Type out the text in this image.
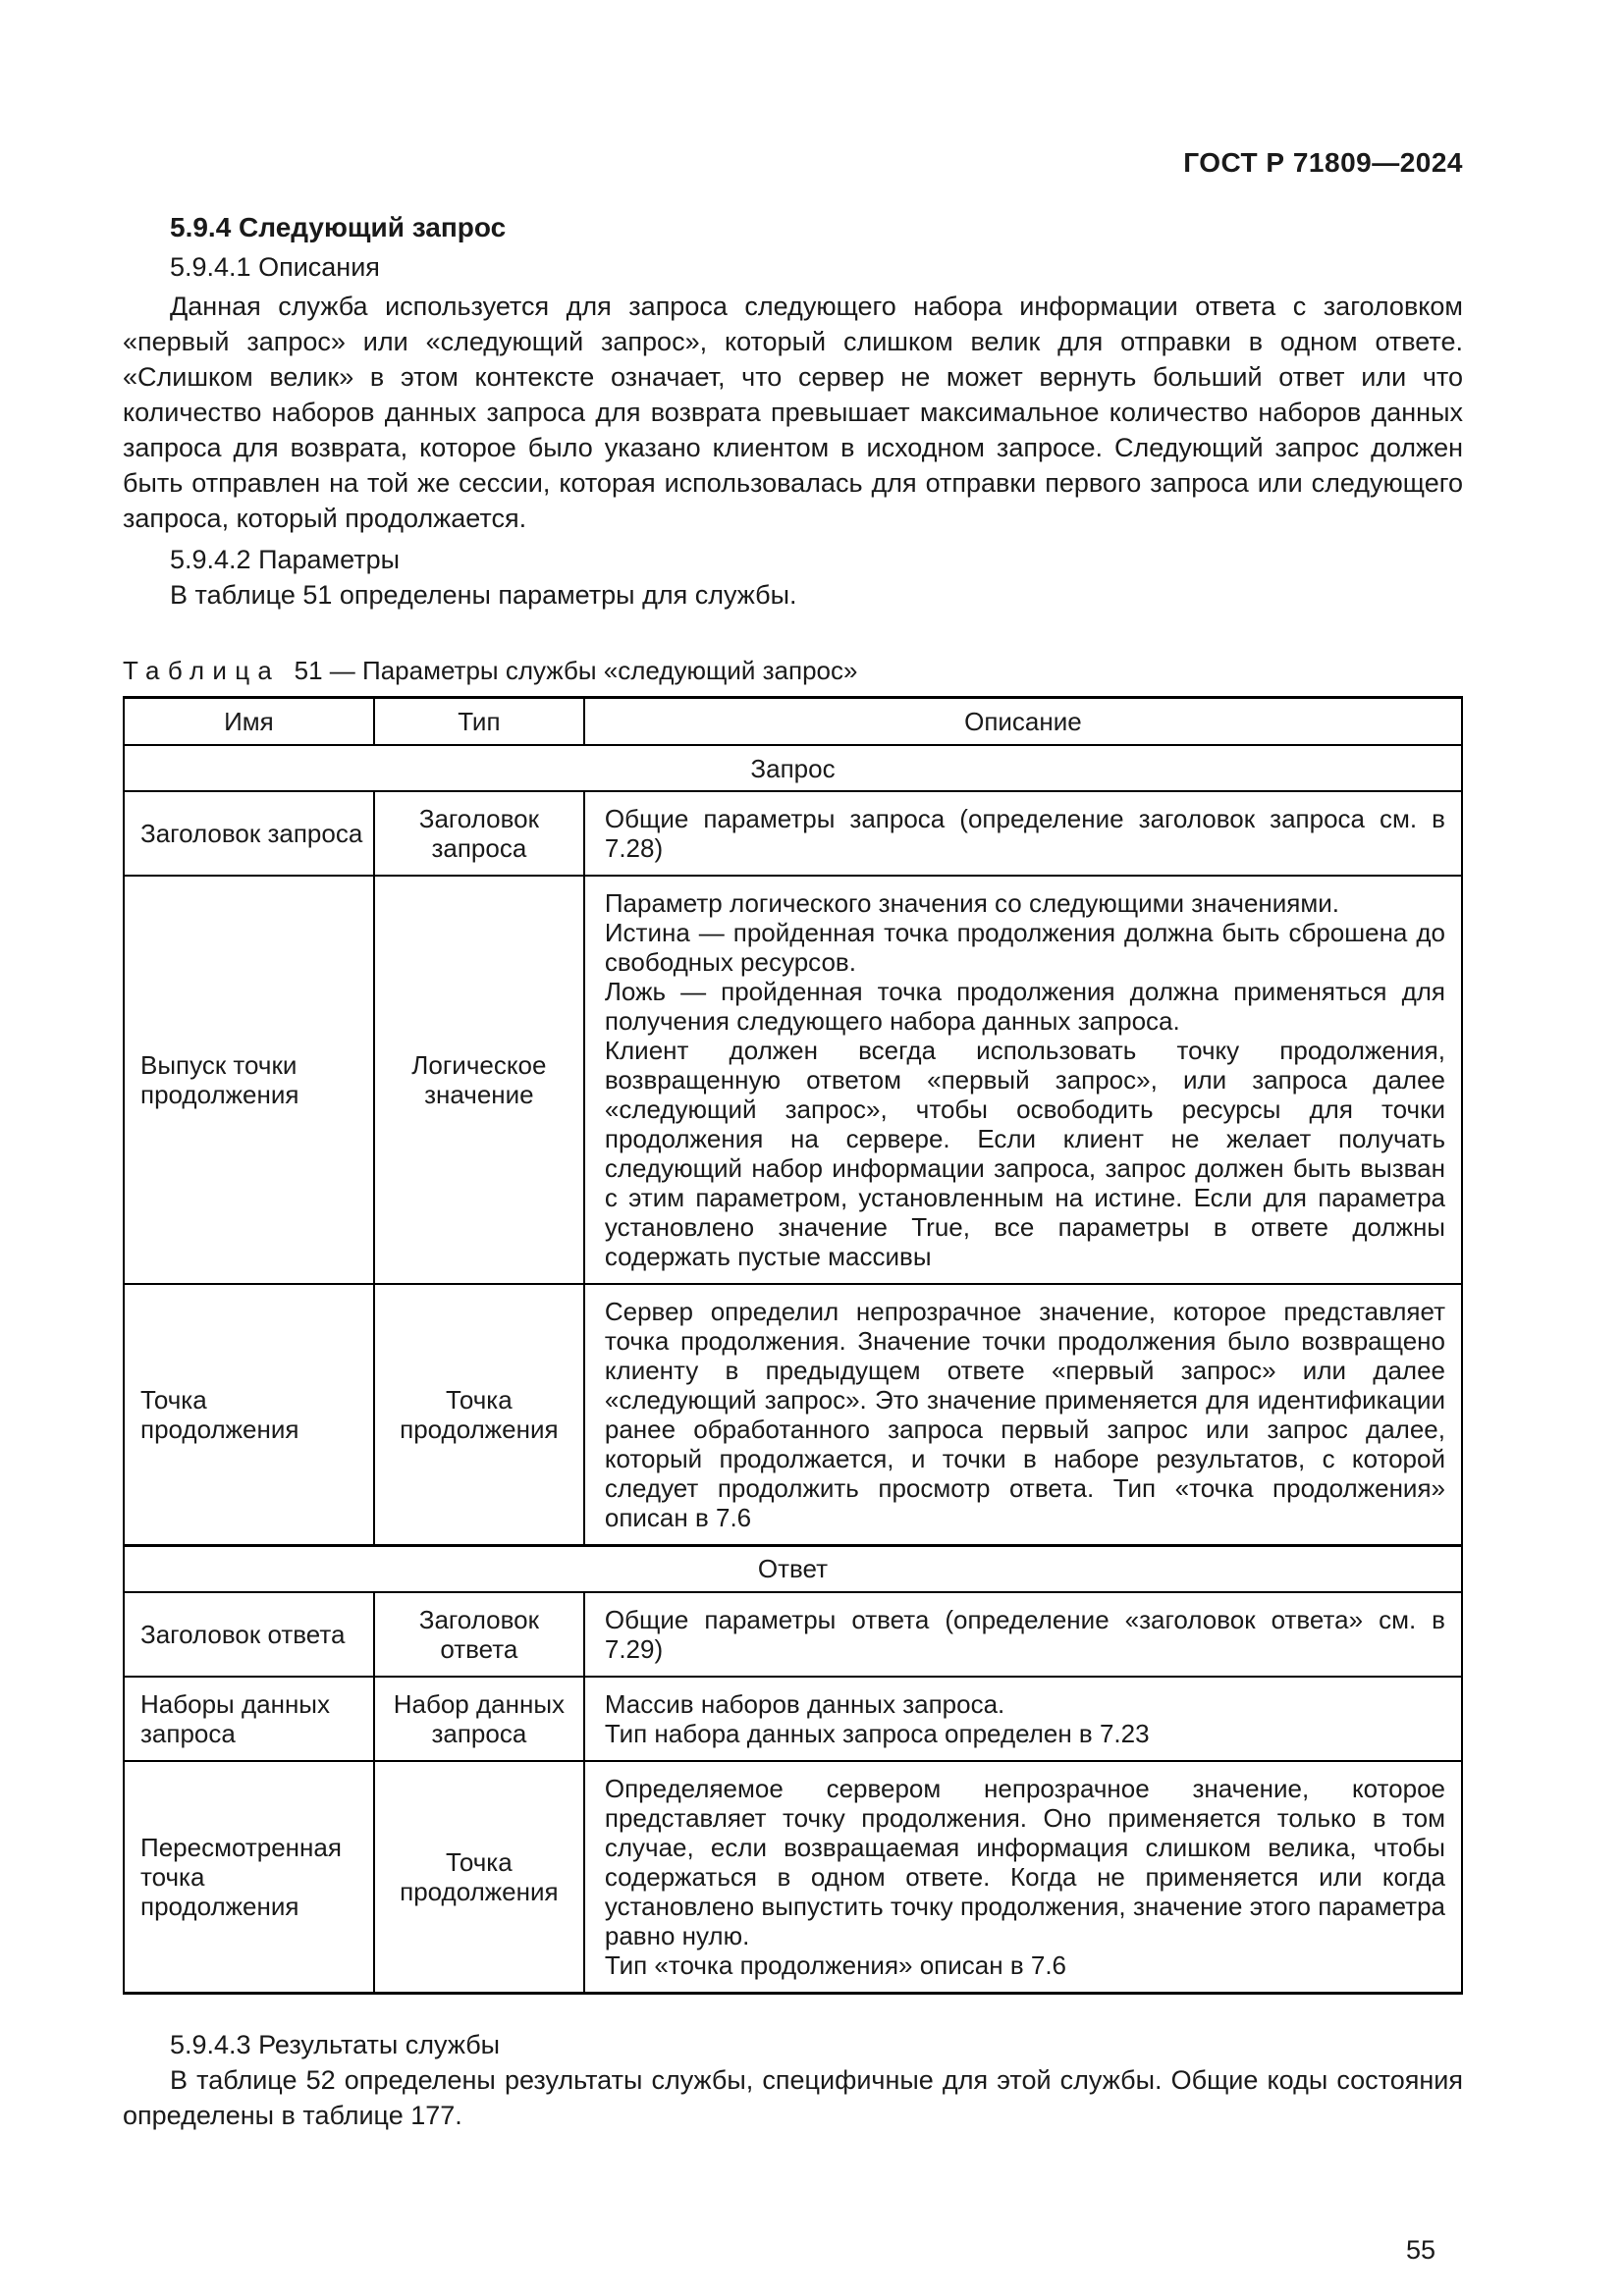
ГОСТ Р 71809—2024
5.9.4 Следующий запрос
5.9.4.1 Описания
Данная служба используется для запроса следующего набора информации ответа с заголовком «первый запрос» или «следующий запрос», который слишком велик для отправки в одном ответе. «Слишком велик» в этом контексте означает, что сервер не может вернуть больший ответ или что количество наборов данных запроса для возврата превышает максимальное количество наборов данных запроса для возврата, которое было указано клиентом в исходном запросе. Следующий запрос должен быть отправлен на той же сессии, которая использовалась для отправки первого запроса или следующего запроса, который продолжается.
5.9.4.2 Параметры
В таблице 51 определены параметры для службы.
Таблица 51 — Параметры службы «следующий запрос»
Имя	Тип	Описание
Запрос		
Заголовок запроса	Заголовок запроса	Общие параметры запроса (определение заголовок запроса см. в 7.28)

Выпуск точки продолжения	Логическое значение	Параметр логического значения со следующими значениями.
Истина — пройденная точка продолжения должна быть сброшена до свободных ресурсов.
Ложь — пройденная точка продолжения должна применяться для получения следующего набора данных запроса.
Клиент должен всегда использовать точку продолжения, возвращенную ответом «первый запрос», или запроса далее «следующий запрос», чтобы освободить ресурсы для точки продолжения на сервере. Если клиент не желает получать следующий набор информации запроса, запрос должен быть вызван с этим параметром, установленным на истине. Если для параметра установлено значение True, все параметры в ответе должны содержать пустые массивы

Точка продолжения	Точка продолжения	Сервер определил непрозрачное значение, которое представляет точка продолжения. Значение точки продолжения было возвращено клиенту в предыдущем ответе «первый запрос» или далее «следующий запрос». Это значение применяется для идентификации ранее обработанного запроса первый запрос или запрос далее, который продолжается, и точки в наборе результатов, с которой следует продолжить просмотр ответа. Тип «точка продолжения» описан в 7.6

Ответ		
Заголовок ответа	Заголовок ответа	Общие параметры ответа (определение «заголовок ответа» см. в 7.29)

Наборы данных запроса	Набор данных запроса	Массив наборов данных запроса.
Тип набора данных запроса определен в 7.23

Пересмотренная точка продолжения	Точка продолжения	Определяемое сервером непрозрачное значение, которое представляет точку продолжения. Оно применяется только в том случае, если возвращаемая информация слишком велика, чтобы содержаться в одном ответе. Когда не применяется или когда установлено выпустить точку продолжения, значение этого параметра равно нулю.
Тип «точка продолжения» описан в 7.6
5.9.4.3 Результаты службы
В таблице 52 определены результаты службы, специфичные для этой службы. Общие коды состояния определены в таблице 177.
55
